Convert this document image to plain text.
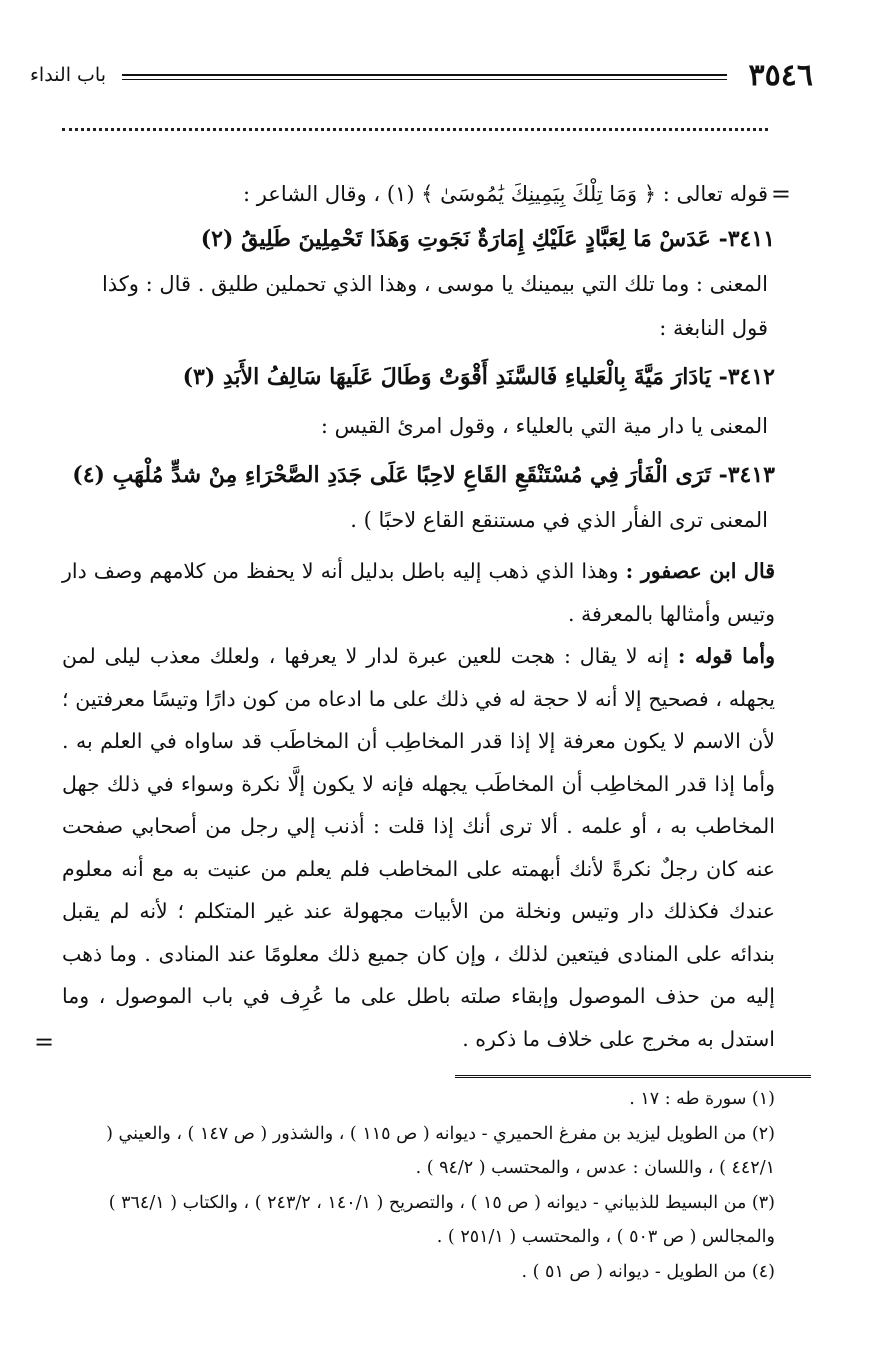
٣٥٤٦
باب النداء
=
قوله تعالى : ﴿ وَمَا تِلْكَ بِيَمِينِكَ يَٰمُوسَىٰ ﴾ (١) ، وقال الشاعر :
٣٤١١- عَدَسْ مَا لِعَبَّادٍ عَلَيْكِ إِمَارَةٌ نَجَوتِ وَهَذَا تَحْمِلِينَ طَلِيقُ (٢)
المعنى : وما تلك التي بيمينك يا موسى ، وهذا الذي تحملين طليق . قال : وكذا
قول النابغة :
٣٤١٢- يَادَارَ مَيَّةَ بِالْعَلياءِ فَالسَّنَدِ أَقْوَتْ وَطَالَ عَلَيهَا سَالِفُ الأَبَدِ (٣)
المعنى يا دار مية التي بالعلياء ، وقول امرئ القيس :
٣٤١٣- تَرَى الْفَأرَ فِي مُسْتَنْقَعِ القَاعِ لاحِبًا عَلَى جَدَدِ الصَّحْرَاءِ مِنْ شدٍّ مُلْهَبِ (٤)
المعنى ترى الفأر الذي في مستنقع القاع لاحبًا ) .
قال ابن عصفور : وهذا الذي ذهب إليه باطل بدليل أنه لا يحفظ من كلامهم وصف دار وتيس وأمثالها بالمعرفة .
وأما قوله : إنه لا يقال : هجت للعين عبرة لدار لا يعرفها ، ولعلك معذب ليلى لمن يجهله ، فصحيح إلا أنه لا حجة له في ذلك على ما ادعاه من كون دارًا وتيسًا معرفتين ؛ لأن الاسم لا يكون معرفة إلا إذا قدر المخاطِب أن المخاطَب قد ساواه في العلم به . وأما إذا قدر المخاطِب أن المخاطَب يجهله فإنه لا يكون إلَّا نكرة وسواء في ذلك جهل المخاطب به ، أو علمه . ألا ترى أنك إذا قلت : أذنب إلي رجل من أصحابي صفحت عنه كان رجلٌ نكرةً لأنك أبهمته على المخاطب فلم يعلم من عنيت به مع أنه معلوم عندك فكذلك دار وتيس ونخلة من الأبيات مجهولة عند غير المتكلم ؛ لأنه لم يقبل بندائه على المنادى فيتعين لذلك ، وإن كان جميع ذلك معلومًا عند المنادى . وما ذهب إليه من حذف الموصول وإبقاء صلته باطل على ما عُرِف في باب الموصول ، وما استدل به مخرج على خلاف ما ذكره .
=
(١) سورة طه : ١٧ .
(٢) من الطويل ليزيد بن مفرغ الحميري - ديوانه ( ص ١١٥ ) ، والشذور ( ص ١٤٧ ) ، والعيني ( ٤٤٢/١ ) ، واللسان : عدس ، والمحتسب ( ٩٤/٢ ) .
(٣) من البسيط للذبياني - ديوانه ( ص ١٥ ) ، والتصريح ( ١٤٠/١ ، ٢٤٣/٢ ) ، والكتاب ( ٣٦٤/١ ) والمجالس ( ص ٥٠٣ ) ، والمحتسب ( ٢٥١/١ ) .
(٤) من الطويل - ديوانه ( ص ٥١ ) .
